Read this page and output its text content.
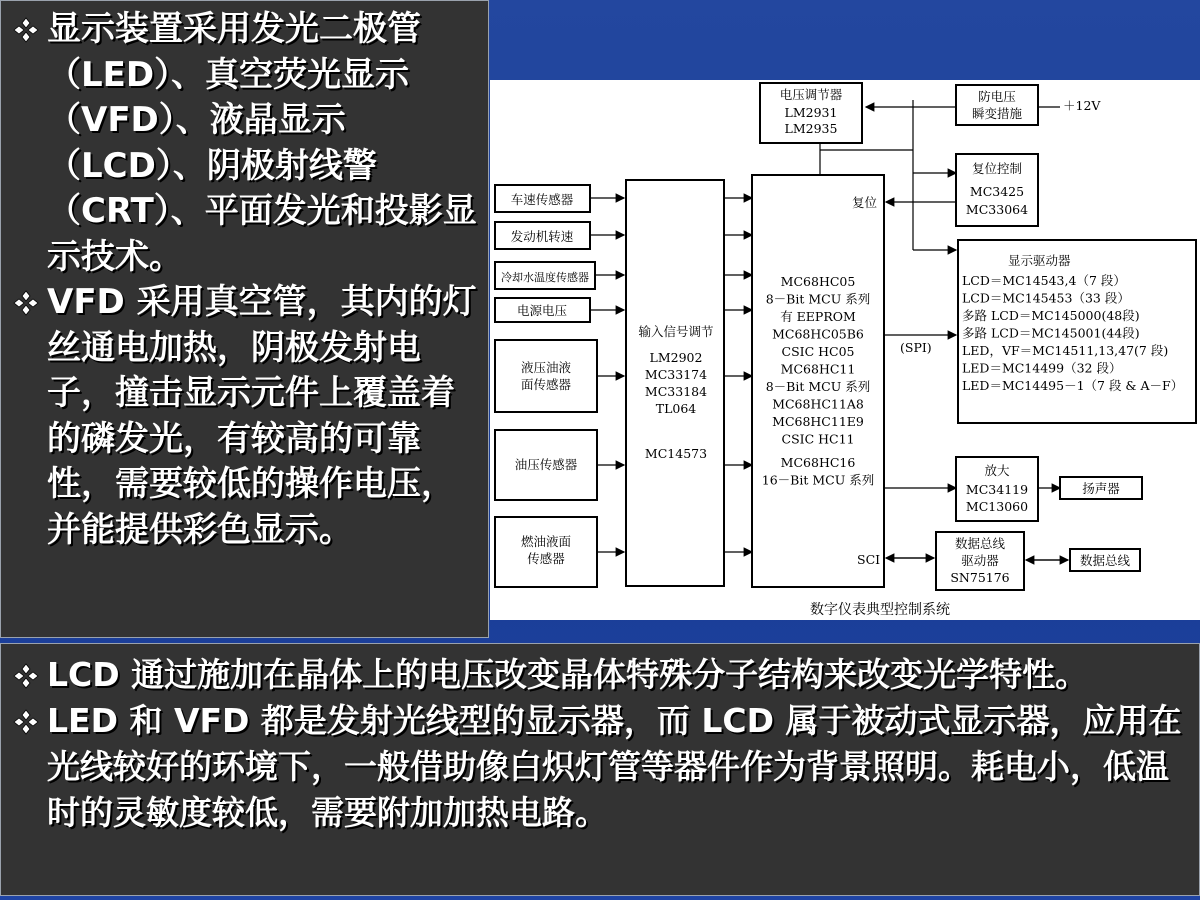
显示装置采用发光二极管（LED）、真空荧光显示（VFD）、液晶显示（LCD）、阴极射线警（CRT）、平面发光和投影显示技术。

VFD 采用真空管，其内的灯丝通电加热，阴极发射电子，撞击显示元件上覆盖着的磷发光，有较高的可靠性，需要较低的操作电压，并能提供彩色显示。

车速传感器
发动机转速
冷却水温度传感器
电源电压
液压油液面传感器
油压传感器
燃油液面传感器
输入信号调节
LM2902
MC33174
MC33184
TL064
MC14573
复位
SCI
MC68HC05
8－Bit MCU 系列
有 EEPROM
MC68HC05B6
CSIC HC05
MC68HC11
8－Bit MCU 系列
MC68HC11A8
MC68HC11E9
CSIC HC11
MC68HC16
16－Bit MCU 系列
电压调节器
LM2931
LM2935
防电压
瞬变措施
＋12V
复位控制
MC3425
MC33064
显示驱动器
LCD＝MC14543,4（7 段）
LCD＝MC145453（33 段）
多路 LCD＝MC145000(48段)
多路 LCD＝MC145001(44段)
LED，VF＝MC14511,13,47(7 段)
LED＝MC14499（32 段）
LED＝MC14495－1（7 段 & A－F）
(SPI)
放大
MC34119
MC13060
扬声器
数据总线
驱动器
SN75176
数据总线
数字仪表典型控制系统

LCD 通过施加在晶体上的电压改变晶体特殊分子结构来改变光学特性。

LED 和 VFD 都是发射光线型的显示器，而 LCD 属于被动式显示器，应用在光线较好的环境下，一般借助像白炽灯管等器件作为背景照明。耗电小，低温时的灵敏度较低，需要附加加热电路。
